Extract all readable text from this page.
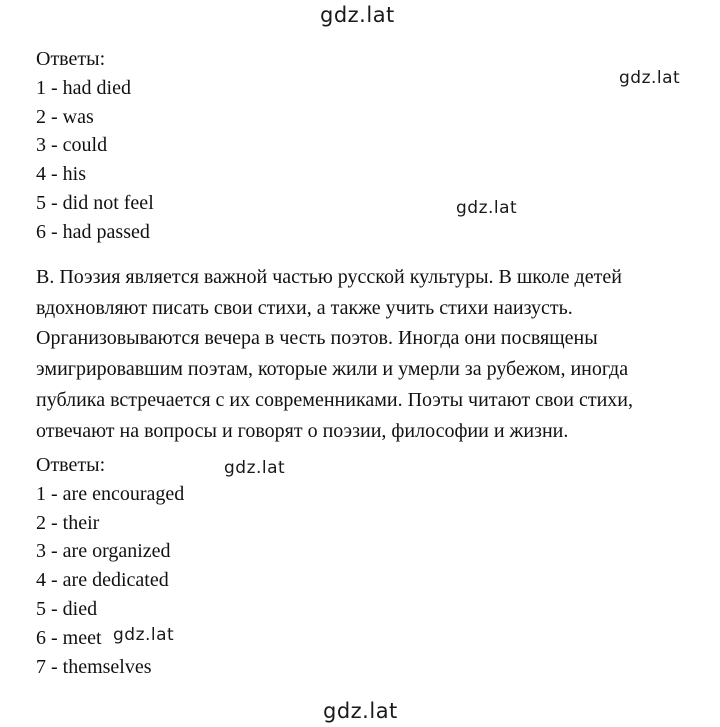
gdz.lat
Ответы:
1 - had died
2 - was
3 - could
4 - his
5 - did not feel
6 - had passed
gdz.lat
gdz.lat
B. Поэзия является важной частью русской культуры. В школе детей
вдохновляют писать свои стихи, а также учить стихи наизусть.
Организовываются вечера в честь поэтов. Иногда они посвящены
эмигрировавшим поэтам, которые жили и умерли за рубежом, иногда
публика встречается с их современниками. Поэты читают свои стихи,
отвечают на вопросы и говорят о поэзии, философии и жизни.
Ответы:
1 - are encouraged
2 - their
3 - are organized
4 - are dedicated
5 - died
6 - meet
7 - themselves
gdz.lat
gdz.lat
gdz.lat
